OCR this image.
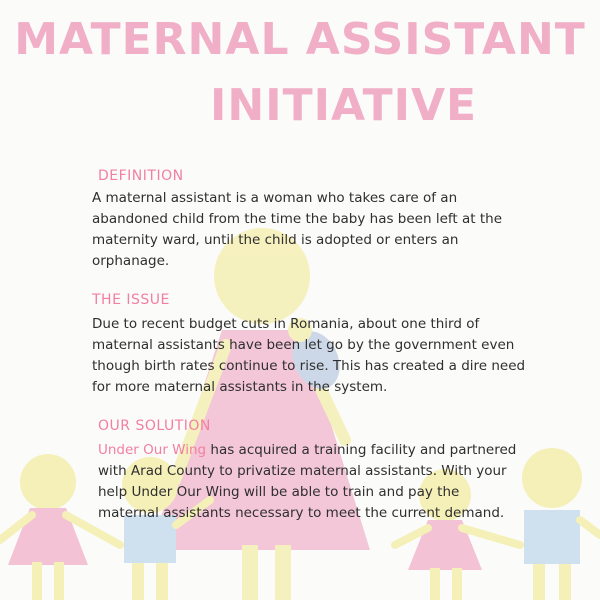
MATERNAL ASSISTANT
INITIATIVE
DEFINITION
A maternal assistant is a woman who takes care of an abandoned child from the time the baby has been left at the maternity ward, until the child is adopted or enters an orphanage.
THE ISSUE
Due to recent budget cuts in Romania, about one third of maternal assistants have been let go by the government even though birth rates continue to rise. This has created a dire need for more maternal assistants in the system.
OUR SOLUTION
Under Our Wing has acquired a training facility and partnered with Arad County to privatize maternal assistants. With your help Under Our Wing will be able to train and pay the maternal assistants necessary to meet the current demand.
